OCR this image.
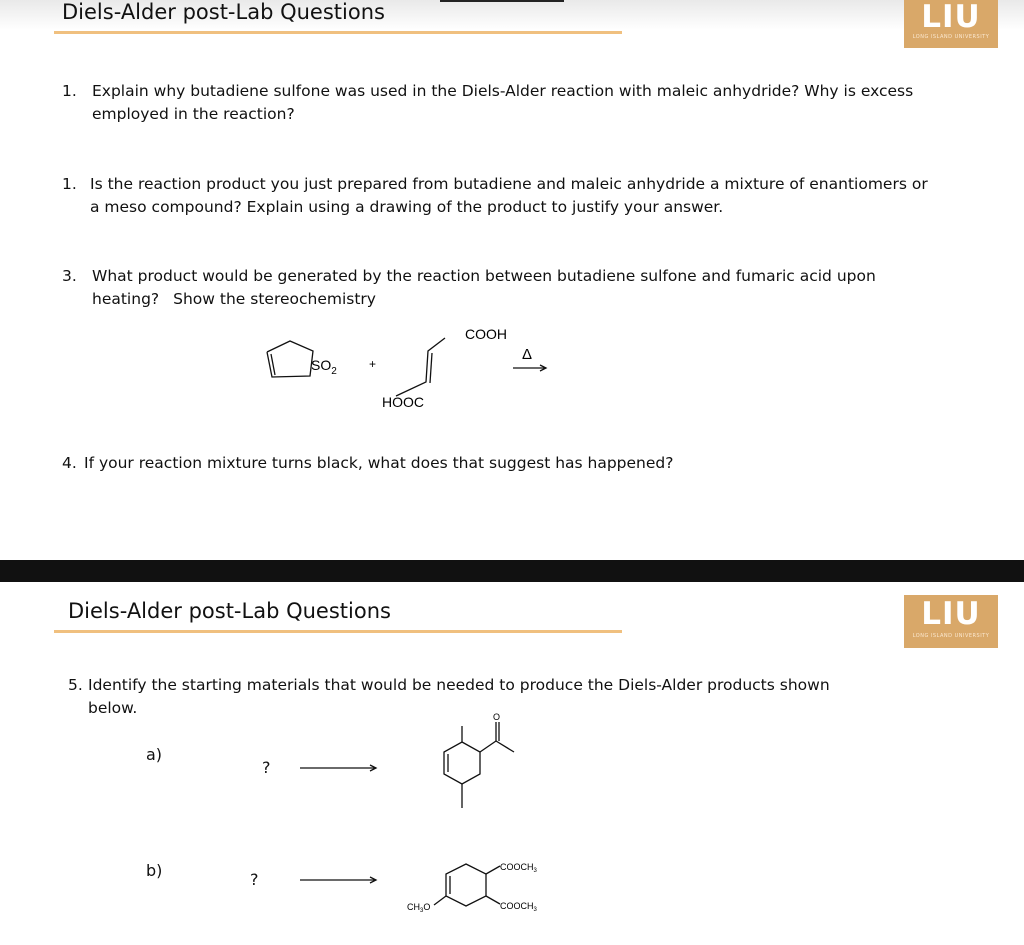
Diels-Alder post-Lab Questions	LIU
LONG ISLAND UNIVERSITY
1. Explain why butadiene sulfone was used in the Diels-Alder reaction with maleic anhydride? Why is excess employed in the reaction?
1. Is the reaction product you just prepared from butadiene and maleic anhydride a mixture of enantiomers or a meso compound? Explain using a drawing of the product to justify your answer.
3. What product would be generated by the reaction between butadiene sulfone and fumaric acid upon
heating? Show the stereochemistry
$SO_2$
+
COOH
HOOC
Δ
4. If your reaction mixture turns black, what does that suggest has happened?
Diels-Alder post-Lab Questions	LIU
LONG ISLAND UNIVERSITY
5. Identify the starting materials that would be needed to produce the Diels-Alder products shown below.
a)
?
O
b)	?
$COOCH_3$
$COOCH_3$
$CH_3O$
